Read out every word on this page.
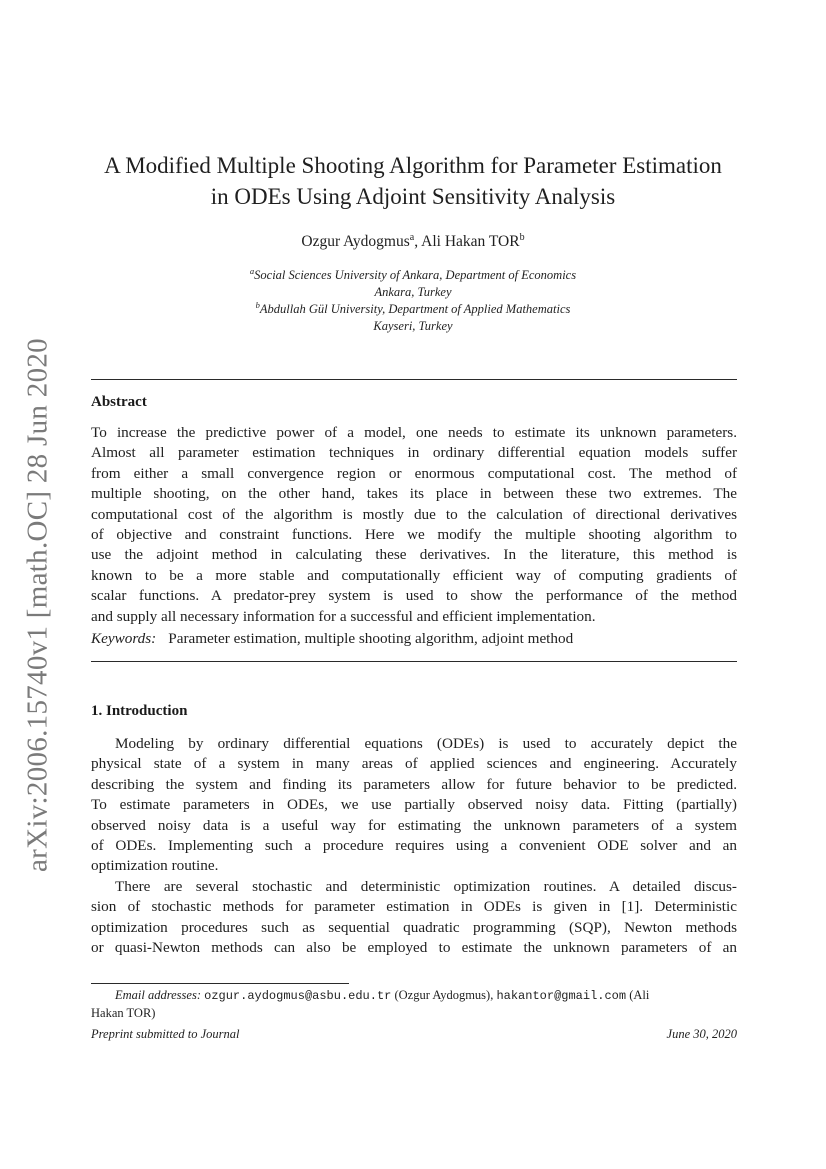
arXiv:2006.15740v1 [math.OC] 28 Jun 2020
A Modified Multiple Shooting Algorithm for Parameter Estimation
in ODEs Using Adjoint Sensitivity Analysis
Ozgur Aydogmus$^a$, Ali Hakan TOR$^b$
$^a$Social Sciences University of Ankara, Department of Economics
Ankara, Turkey
$^b$Abdullah Gül University, Department of Applied Mathematics
Kayseri, Turkey
Abstract
To increase the predictive power of a model, one needs to estimate its unknown parameters.
Almost all parameter estimation techniques in ordinary differential equation models suffer
from either a small convergence region or enormous computational cost. The method of
multiple shooting, on the other hand, takes its place in between these two extremes. The
computational cost of the algorithm is mostly due to the calculation of directional derivatives
of objective and constraint functions. Here we modify the multiple shooting algorithm to
use the adjoint method in calculating these derivatives. In the literature, this method is
known to be a more stable and computationally efficient way of computing gradients of
scalar functions. A predator-prey system is used to show the performance of the method
and supply all necessary information for a successful and efficient implementation.
Keywords: Parameter estimation, multiple shooting algorithm, adjoint method
1. Introduction
Modeling by ordinary differential equations (ODEs) is used to accurately depict the
physical state of a system in many areas of applied sciences and engineering. Accurately
describing the system and finding its parameters allow for future behavior to be predicted.
To estimate parameters in ODEs, we use partially observed noisy data. Fitting (partially)
observed noisy data is a useful way for estimating the unknown parameters of a system
of ODEs. Implementing such a procedure requires using a convenient ODE solver and an
optimization routine.
There are several stochastic and deterministic optimization routines. A detailed discus-
sion of stochastic methods for parameter estimation in ODEs is given in [1]. Deterministic
optimization procedures such as sequential quadratic programming (SQP), Newton methods
or quasi-Newton methods can also be employed to estimate the unknown parameters of an
Email addresses: ozgur.aydogmus@asbu.edu.tr (Ozgur Aydogmus), hakantor@gmail.com (Ali
Hakan TOR)
Preprint submitted to Journal	June 30, 2020
